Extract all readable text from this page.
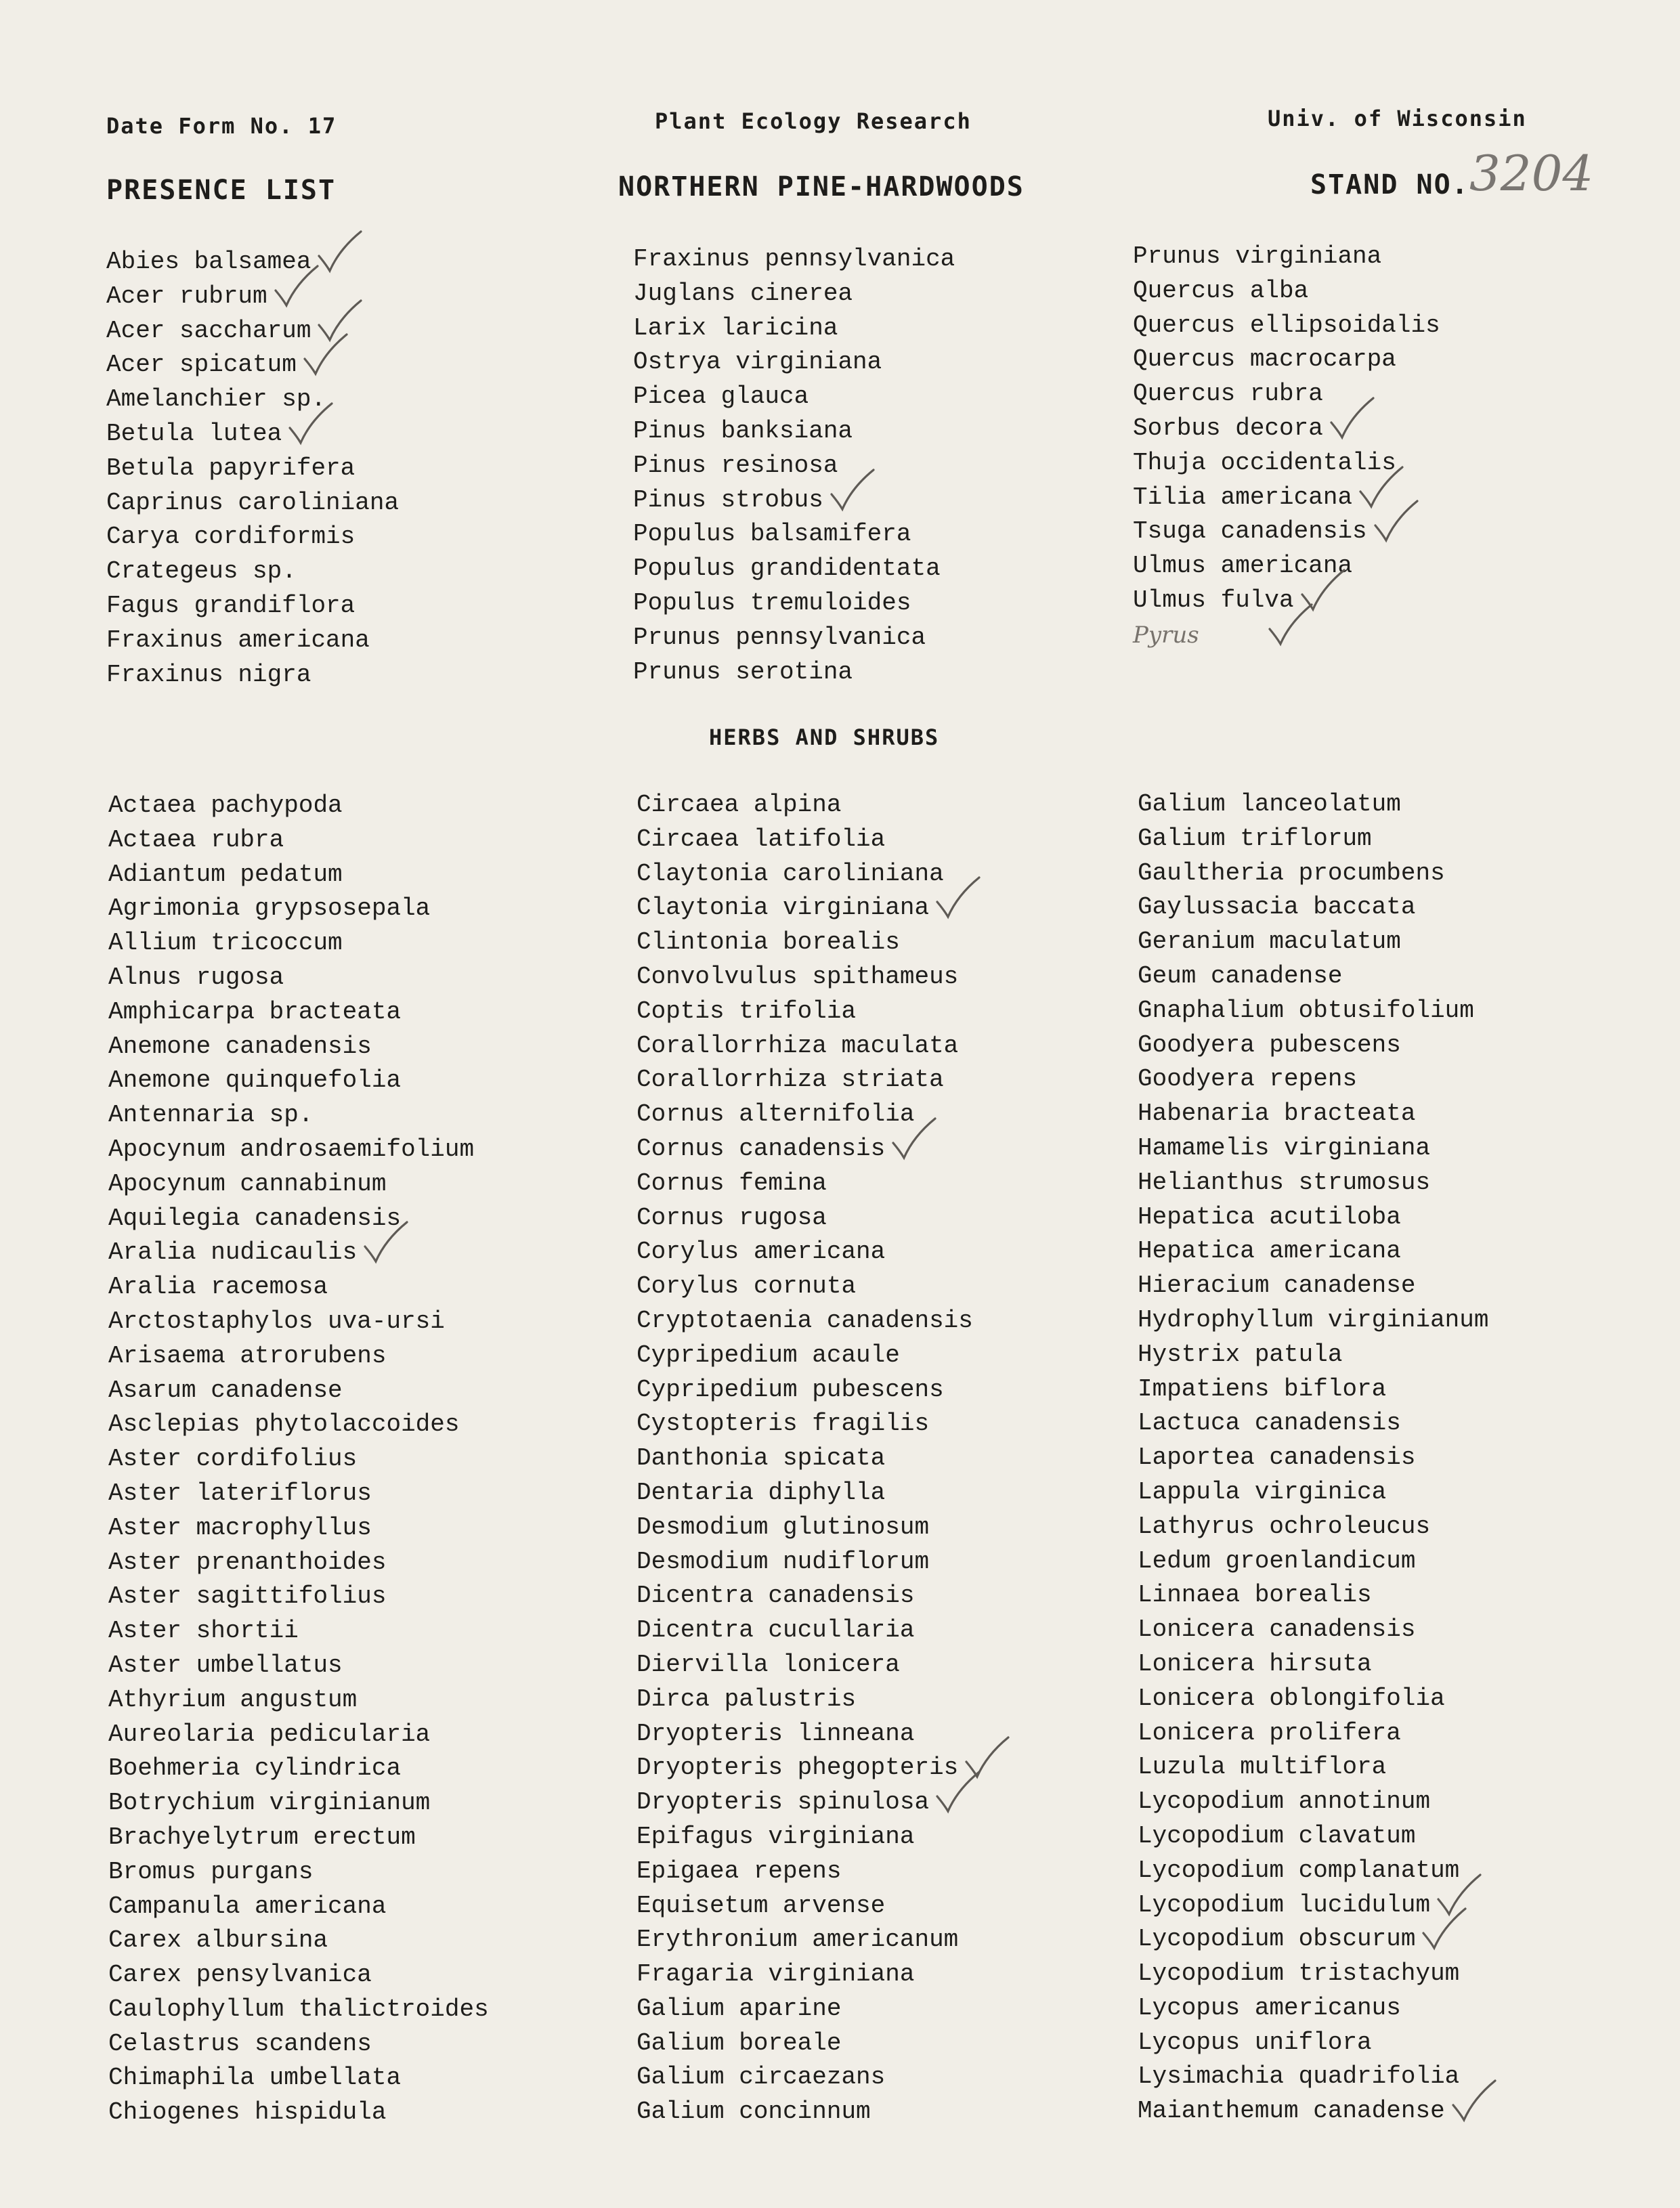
Date Form No. 17	Plant Ecology Research	Univ. of Wisconsin
PRESENCE LIST	NORTHERN PINE-HARDWOODS	STAND NO. 3204
Abies balsamea
Acer rubrum
Acer saccharum
Acer spicatum
Amelanchier sp.
Betula lutea
Betula papyrifera
Caprinus caroliniana
Carya cordiformis
Crategeus sp.
Fagus grandiflora
Fraxinus americana
Fraxinus nigra
Fraxinus pennsylvanica
Juglans cinerea
Larix laricina
Ostrya virginiana
Picea glauca
Pinus banksiana
Pinus resinosa
Pinus strobus
Populus balsamifera
Populus grandidentata
Populus tremuloides
Prunus pennsylvanica
Prunus serotina
Prunus virginiana
Quercus alba
Quercus ellipsoidalis
Quercus macrocarpa
Quercus rubra
Sorbus decora
Thuja occidentalis
Tilia americana
Tsuga canadensis
Ulmus americana
Ulmus fulva
Pyrus
HERBS AND SHRUBS
Actaea pachypoda
Actaea rubra
Adiantum pedatum
Agrimonia grypsosepala
Allium tricoccum
Alnus rugosa
Amphicarpa bracteata
Anemone canadensis
Anemone quinquefolia
Antennaria sp.
Apocynum androsaemifolium
Apocynum cannabinum
Aquilegia canadensis
Aralia nudicaulis
Aralia racemosa
Arctostaphylos uva-ursi
Arisaema atrorubens
Asarum canadense
Asclepias phytolaccoides
Aster cordifolius
Aster lateriflorus
Aster macrophyllus
Aster prenanthoides
Aster sagittifolius
Aster shortii
Aster umbellatus
Athyrium angustum
Aureolaria pedicularia
Boehmeria cylindrica
Botrychium virginianum
Brachyelytrum erectum
Bromus purgans
Campanula americana
Carex albursina
Carex pensylvanica
Caulophyllum thalictroides
Celastrus scandens
Chimaphila umbellata
Chiogenes hispidula
Circaea alpina
Circaea latifolia
Claytonia caroliniana
Claytonia virginiana
Clintonia borealis
Convolvulus spithameus
Coptis trifolia
Corallorrhiza maculata
Corallorrhiza striata
Cornus alternifolia
Cornus canadensis
Cornus femina
Cornus rugosa
Corylus americana
Corylus cornuta
Cryptotaenia canadensis
Cypripedium acaule
Cypripedium pubescens
Cystopteris fragilis
Danthonia spicata
Dentaria diphylla
Desmodium glutinosum
Desmodium nudiflorum
Dicentra canadensis
Dicentra cucullaria
Diervilla lonicera
Dirca palustris
Dryopteris linneana
Dryopteris phegopteris
Dryopteris spinulosa
Epifagus virginiana
Epigaea repens
Equisetum arvense
Erythronium americanum
Fragaria virginiana
Galium aparine
Galium boreale
Galium circaezans
Galium concinnum
Galium lanceolatum
Galium triflorum
Gaultheria procumbens
Gaylussacia baccata
Geranium maculatum
Geum canadense
Gnaphalium obtusifolium
Goodyera pubescens
Goodyera repens
Habenaria bracteata
Hamamelis virginiana
Helianthus strumosus
Hepatica acutiloba
Hepatica americana
Hieracium canadense
Hydrophyllum virginianum
Hystrix patula
Impatiens biflora
Lactuca canadensis
Laportea canadensis
Lappula virginica
Lathyrus ochroleucus
Ledum groenlandicum
Linnaea borealis
Lonicera canadensis
Lonicera hirsuta
Lonicera oblongifolia
Lonicera prolifera
Luzula multiflora
Lycopodium annotinum
Lycopodium clavatum
Lycopodium complanatum
Lycopodium lucidulum
Lycopodium obscurum
Lycopodium tristachyum
Lycopus americanus
Lycopus uniflora
Lysimachia quadrifolia
Maianthemum canadense
